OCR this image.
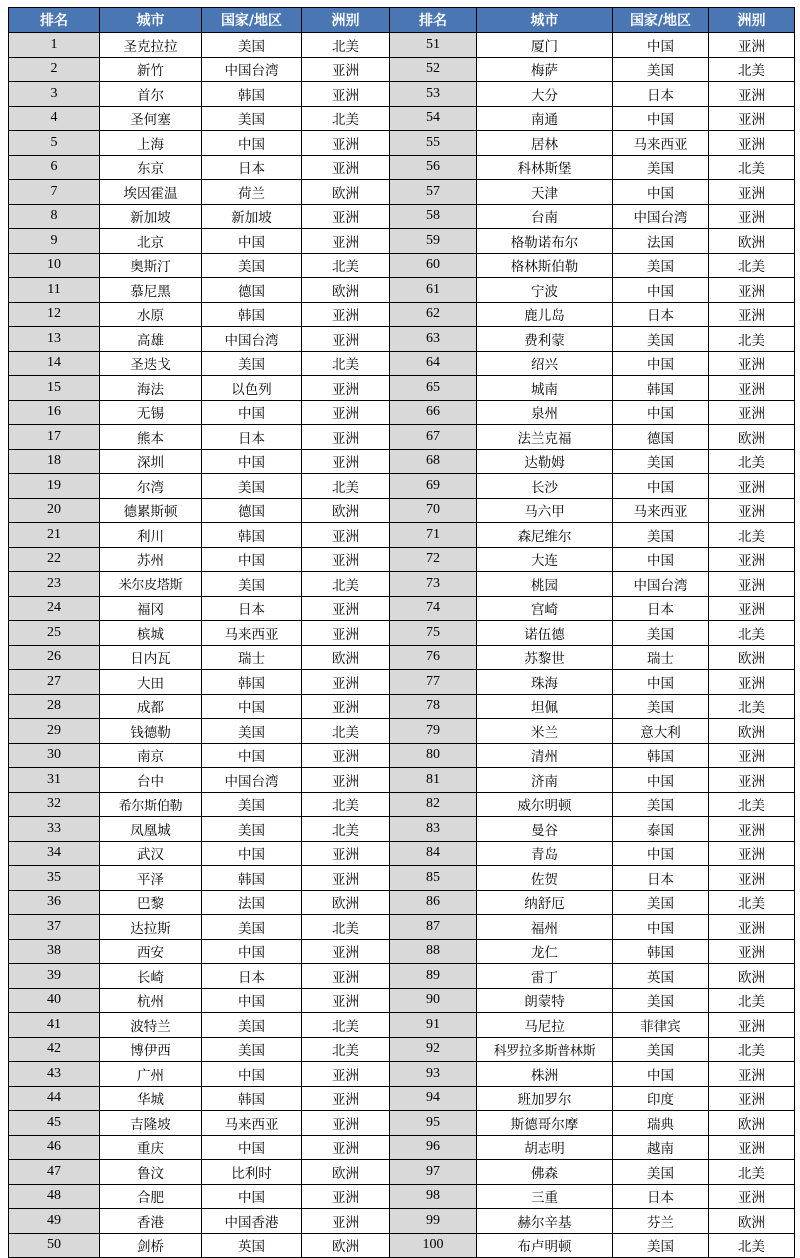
排名	城市	国家/地区	洲别	排名	城市	国家/地区	洲别
1	圣克拉拉	美国	北美	51	厦门	中国	亚洲
2	新竹	中国台湾	亚洲	52	梅萨	美国	北美
3	首尔	韩国	亚洲	53	大分	日本	亚洲
4	圣何塞	美国	北美	54	南通	中国	亚洲
5	上海	中国	亚洲	55	居林	马来西亚	亚洲
6	东京	日本	亚洲	56	科林斯堡	美国	北美
7	埃因霍温	荷兰	欧洲	57	天津	中国	亚洲
8	新加坡	新加坡	亚洲	58	台南	中国台湾	亚洲
9	北京	中国	亚洲	59	格勒诺布尔	法国	欧洲
10	奥斯汀	美国	北美	60	格林斯伯勒	美国	北美
11	慕尼黑	德国	欧洲	61	宁波	中国	亚洲
12	水原	韩国	亚洲	62	鹿儿岛	日本	亚洲
13	高雄	中国台湾	亚洲	63	费利蒙	美国	北美
14	圣迭戈	美国	北美	64	绍兴	中国	亚洲
15	海法	以色列	亚洲	65	城南	韩国	亚洲
16	无锡	中国	亚洲	66	泉州	中国	亚洲
17	熊本	日本	亚洲	67	法兰克福	德国	欧洲
18	深圳	中国	亚洲	68	达勒姆	美国	北美
19	尔湾	美国	北美	69	长沙	中国	亚洲
20	德累斯顿	德国	欧洲	70	马六甲	马来西亚	亚洲
21	利川	韩国	亚洲	71	森尼维尔	美国	北美
22	苏州	中国	亚洲	72	大连	中国	亚洲
23	米尔皮塔斯	美国	北美	73	桃园	中国台湾	亚洲
24	福冈	日本	亚洲	74	宫崎	日本	亚洲
25	槟城	马来西亚	亚洲	75	诺伍德	美国	北美
26	日内瓦	瑞士	欧洲	76	苏黎世	瑞士	欧洲
27	大田	韩国	亚洲	77	珠海	中国	亚洲
28	成都	中国	亚洲	78	坦佩	美国	北美
29	钱德勒	美国	北美	79	米兰	意大利	欧洲
30	南京	中国	亚洲	80	清州	韩国	亚洲
31	台中	中国台湾	亚洲	81	济南	中国	亚洲
32	希尔斯伯勒	美国	北美	82	威尔明顿	美国	北美
33	凤凰城	美国	北美	83	曼谷	泰国	亚洲
34	武汉	中国	亚洲	84	青岛	中国	亚洲
35	平泽	韩国	亚洲	85	佐贺	日本	亚洲
36	巴黎	法国	欧洲	86	纳舒厄	美国	北美
37	达拉斯	美国	北美	87	福州	中国	亚洲
38	西安	中国	亚洲	88	龙仁	韩国	亚洲
39	长崎	日本	亚洲	89	雷丁	英国	欧洲
40	杭州	中国	亚洲	90	朗蒙特	美国	北美
41	波特兰	美国	北美	91	马尼拉	菲律宾	亚洲
42	博伊西	美国	北美	92	科罗拉多斯普林斯	美国	北美
43	广州	中国	亚洲	93	株洲	中国	亚洲
44	华城	韩国	亚洲	94	班加罗尔	印度	亚洲
45	吉隆坡	马来西亚	亚洲	95	斯德哥尔摩	瑞典	欧洲
46	重庆	中国	亚洲	96	胡志明	越南	亚洲
47	鲁汶	比利时	欧洲	97	佛森	美国	北美
48	合肥	中国	亚洲	98	三重	日本	亚洲
49	香港	中国香港	亚洲	99	赫尔辛基	芬兰	欧洲
50	剑桥	英国	欧洲	100	布卢明顿	美国	北美
